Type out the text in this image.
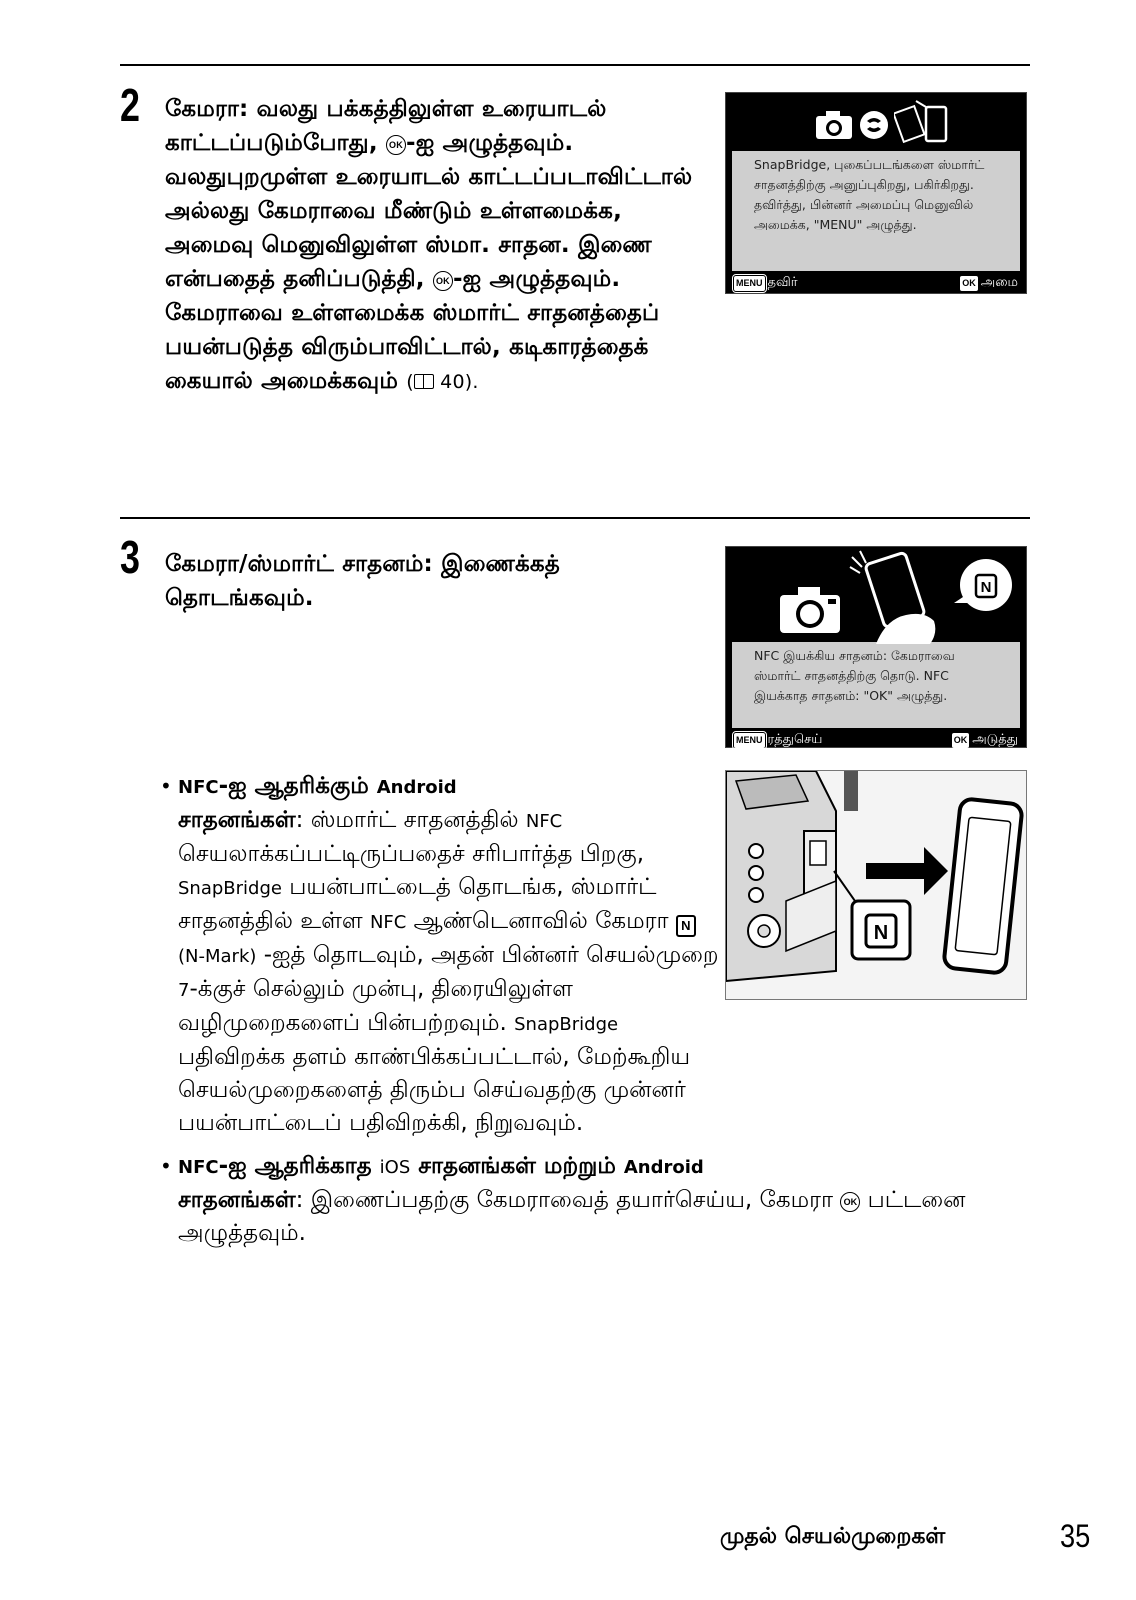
2 கேமரா: வலது பக்கத்திலுள்ள உரையாடல் காட்டப்படும்போது, OK -ஐ அழுத்தவும். வலதுபுறமுள்ள உரையாடல் காட்டப்படாவிட்டால் அல்லது கேமராவை மீண்டும் உள்ளமைக்க, அமைவு மெனுவிலுள்ள ஸ்மா. சாதன. இணை என்பதைத் தனிப்படுத்தி, OK -ஐ அழுத்தவும். கேமராவை உள்ளமைக்க ஸ்மார்ட் சாதனத்தைப் பயன்படுத்த விரும்பாவிட்டால், கடிகாரத்தைக் கையால் அமைக்கவும் ( 40).
SnapBridge, புகைப்படங்களை ஸ்மார்ட் சாதனத்திற்கு அனுப்புகிறது, பகிர்கிறது. தவிர்த்து, பின்னர் அமைப்பு மெனுவில் அமைக்க, "MENU" அழுத்து.
MENU தவிர்	OK அமை
3 கேமரா/ஸ்மார்ட் சாதனம்: இணைக்கத் தொடங்கவும்.	N
NFC இயக்கிய சாதனம்: கேமராவை ஸ்மார்ட் சாதனத்திற்கு தொடு. NFC இயக்காத சாதனம்: "OK" அழுத்து.
MENU ரத்துசெய்	OK அடுத்து
N
• NFC-ஐ ஆதரிக்கும் Android
சாதனங்கள்: ஸ்மார்ட் சாதனத்தில் NFC செயலாக்கப்பட்டிருப்பதைச் சரிபார்த்த பிறகு, SnapBridge பயன்பாட்டைத் தொடங்க, ஸ்மார்ட் சாதனத்தில் உள்ள NFC ஆண்டெனாவில் கேமரா N (N-Mark) -ஐத் தொடவும், அதன் பின்னர் செயல்முறை 7-க்குச் செல்லும் முன்பு, திரையிலுள்ள வழிமுறைகளைப் பின்பற்றவும். SnapBridge பதிவிறக்க தளம் காண்பிக்கப்பட்டால், மேற்கூறிய செயல்முறைகளைத் திரும்ப செய்வதற்கு முன்னர் பயன்பாட்டைப் பதிவிறக்கி, நிறுவவும்.
• NFC-ஐ ஆதரிக்காத iOS சாதனங்கள் மற்றும் Android
சாதனங்கள்: இணைப்பதற்கு கேமராவைத் தயார்செய்ய, கேமரா OK பட்டனை அழுத்தவும்.
முதல் செயல்முறைகள்	35
